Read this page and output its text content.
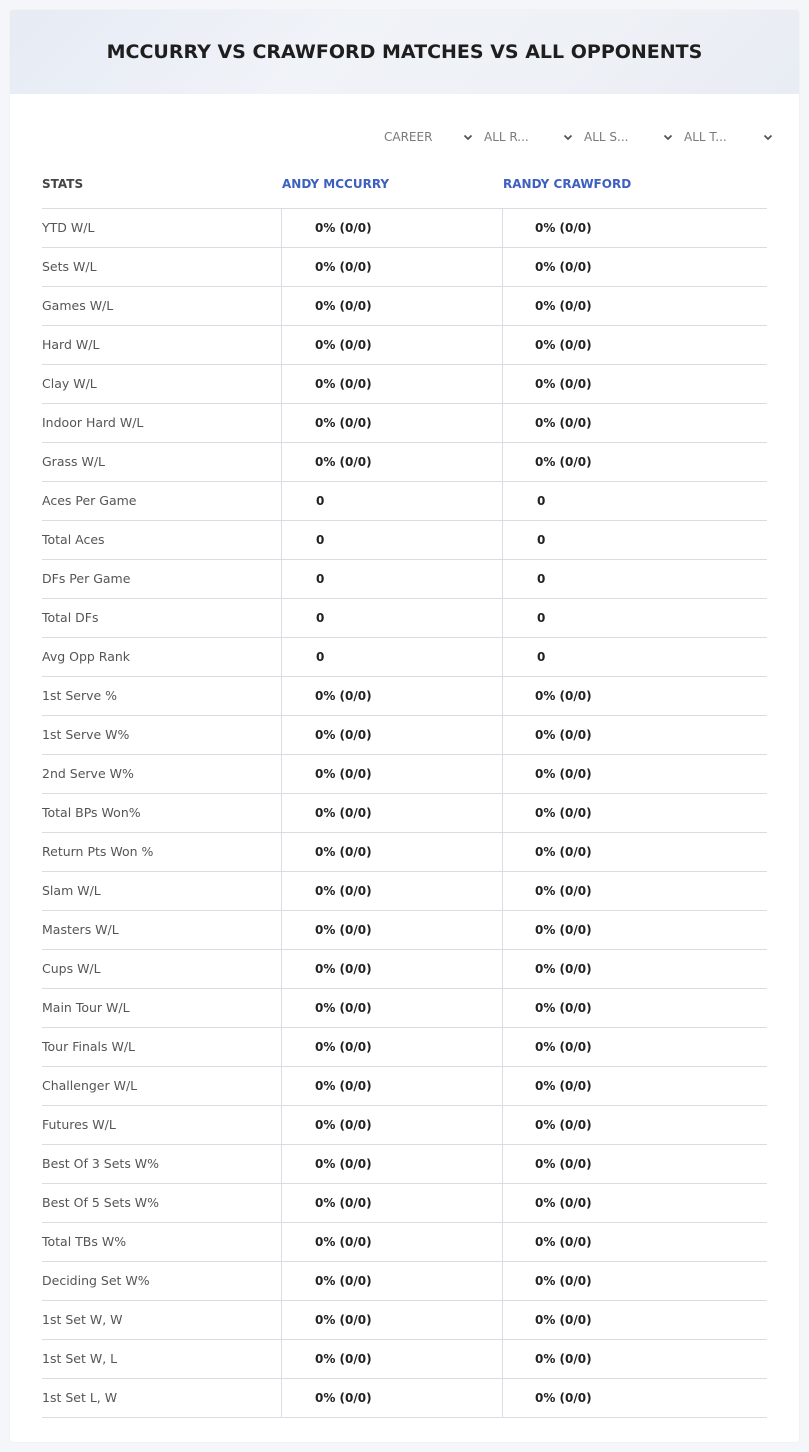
MCCURRY VS CRAWFORD MATCHES VS ALL OPPONENTS
CAREER	ALL R...	ALL S...	ALL T...
STATS	ANDY MCCURRY	RANDY CRAWFORD
YTD W/L	0% (0/0)	0% (0/0)
Sets W/L	0% (0/0)	0% (0/0)
Games W/L	0% (0/0)	0% (0/0)
Hard W/L	0% (0/0)	0% (0/0)
Clay W/L	0% (0/0)	0% (0/0)
Indoor Hard W/L	0% (0/0)	0% (0/0)
Grass W/L	0% (0/0)	0% (0/0)
Aces Per Game	0	0
Total Aces	0	0
DFs Per Game	0	0
Total DFs	0	0
Avg Opp Rank	0	0
1st Serve %	0% (0/0)	0% (0/0)
1st Serve W%	0% (0/0)	0% (0/0)
2nd Serve W%	0% (0/0)	0% (0/0)
Total BPs Won%	0% (0/0)	0% (0/0)
Return Pts Won %	0% (0/0)	0% (0/0)
Slam W/L	0% (0/0)	0% (0/0)
Masters W/L	0% (0/0)	0% (0/0)
Cups W/L	0% (0/0)	0% (0/0)
Main Tour W/L	0% (0/0)	0% (0/0)
Tour Finals W/L	0% (0/0)	0% (0/0)
Challenger W/L	0% (0/0)	0% (0/0)
Futures W/L	0% (0/0)	0% (0/0)
Best Of 3 Sets W%	0% (0/0)	0% (0/0)
Best Of 5 Sets W%	0% (0/0)	0% (0/0)
Total TBs W%	0% (0/0)	0% (0/0)
Deciding Set W%	0% (0/0)	0% (0/0)
1st Set W, W	0% (0/0)	0% (0/0)
1st Set W, L	0% (0/0)	0% (0/0)
1st Set L, W	0% (0/0)	0% (0/0)
